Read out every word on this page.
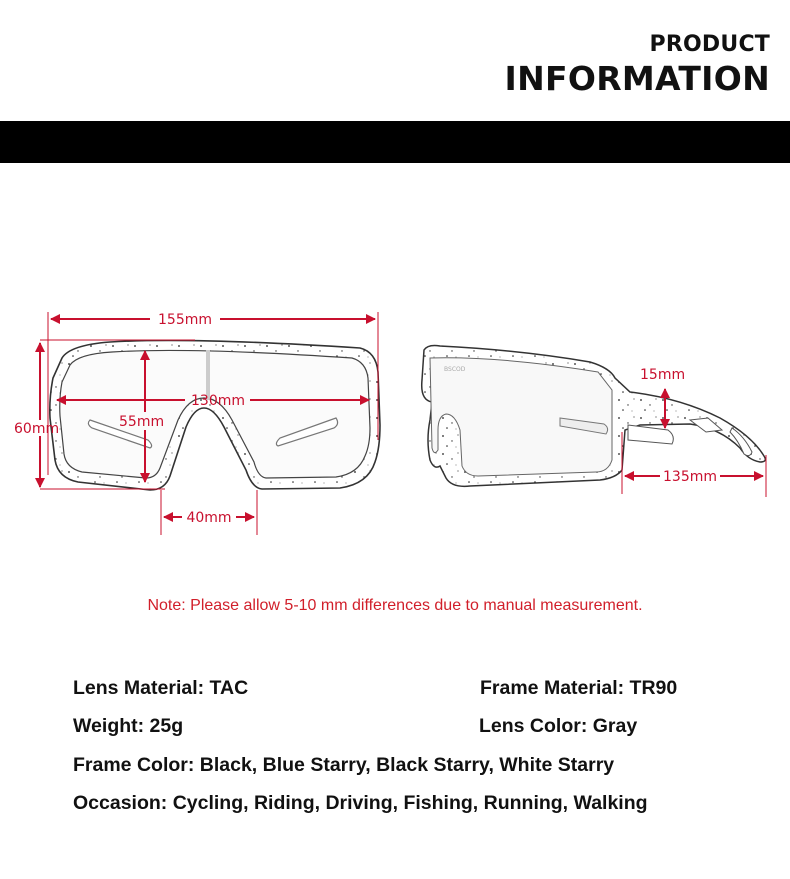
PRODUCT
INFORMATION
155mm
130mm
60mm	55mm
40mm
BSCOD	15mm
135mm
Note: Please allow 5-10 mm differences due to manual measurement.
Lens Material: TAC	Frame Material: TR90
Weight: 25g	Lens Color: Gray
Frame Color: Black, Blue Starry, Black Starry, White Starry
Occasion: Cycling, Riding, Driving, Fishing, Running, Walking
